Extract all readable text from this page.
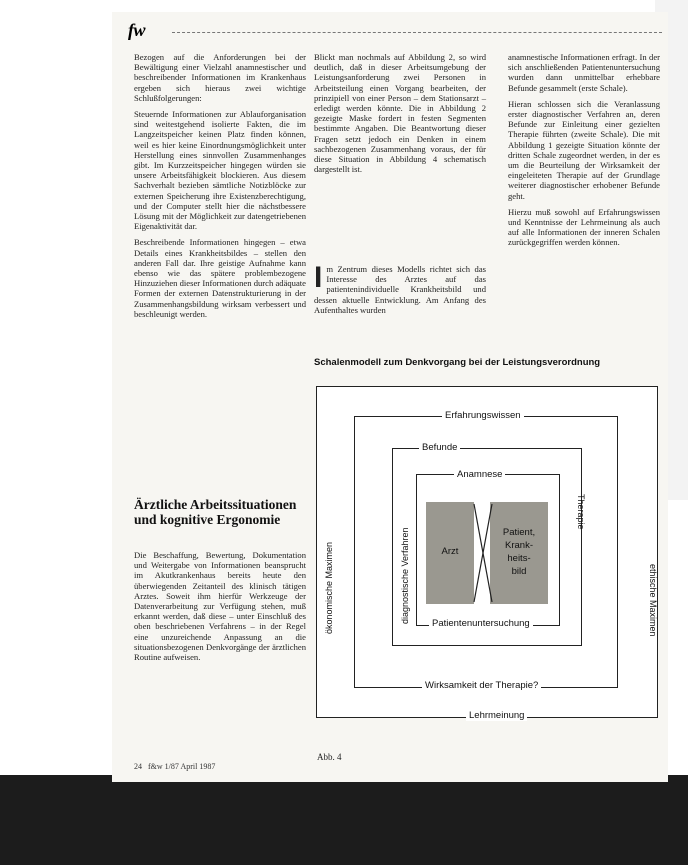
fw

Bezogen auf die Anforderungen bei der Bewältigung einer Vielzahl anamnestischer und beschreibender Informationen im Krankenhaus ergeben sich hieraus zwei wichtige Schlußfolgerungen:

Steuernde Informationen zur Ablauforganisation sind weitestgehend isolierte Fakten, die im Langzeitspeicher keinen Platz finden können, weil es hier keine Einordnungsmöglichkeit unter Herstellung eines sinnvollen Zusammenhanges gibt. Im Kurzzeitspeicher hingegen würden sie unsere Arbeitsfähigkeit blockieren. Aus diesem Sachverhalt bezieben sämtliche Notizblöcke zur externen Speicherung ihre Existenzberechtigung, und der Computer stellt hier die nächstbessere Lösung mit der Möglichkeit zur datengetriebenen Eigenaktivität dar.

Beschreibende Informationen hingegen – etwa Details eines Krankheitsbildes – stellen den anderen Fall dar. Ihre geistige Aufnahme kann ebenso wie das spätere problembezogene Hinzuziehen dieser Informationen durch adäquate Formen der externen Datenstrukturierung in der Zusammenhangsbildung wirksam verbessert und beschleunigt werden.

Ärztliche Arbeitssituationen und kognitive Ergonomie

Die Beschaffung, Bewertung, Dokumentation und Weitergabe von Informationen beansprucht im Akutkrankenhaus bereits heute den überwiegenden Zeitanteil des klinisch tätigen Arztes. Soweit ihm hierfür Werkzeuge der Datenverarbeitung zur Verfügung stehen, muß erkannt werden, daß diese – unter Einschluß des oben beschriebenen Verfahrens – in der Regel eine unzureichende Anpassung an die situationsbezogenen Denkvorgänge der ärztlichen Routine aufweisen.

Blickt man nochmals auf Abbildung 2, so wird deutlich, daß in dieser Arbeitsumgebung der Leistungsanforderung zwei Personen in Arbeitsteilung einen Vorgang bearbeiten, der prinzipiell von einer Person – dem Stationsarzt – erledigt werden könnte. Die in Abbildung 2 gezeigte Maske fordert in festen Segmenten bestimmte Angaben. Die Beantwortung dieser Fragen setzt jedoch ein Denken in einem sachbezogenen Zusammenhang voraus, der für diese Situation in Abbildung 4 schematisch dargestellt ist.

Im Zentrum dieses Modells richtet sich das Interesse des Arztes auf das patientenindividuelle Krankheitsbild und dessen aktuelle Entwicklung. Am Anfang des Aufenthaltes wurden

anamnestische Informationen erfragt. In der sich anschließenden Patientenuntersuchung wurden dann unmittelbar erhebbare Befunde gesammelt (erste Schale).

Hieran schlossen sich die Veranlassung erster diagnostischer Verfahren an, deren Befunde zur Einleitung einer gezielten Therapie führten (zweite Schale). Die mit Abbildung 1 gezeigte Situation könnte der dritten Schale zugeordnet werden, in der es um die Beurteilung der Wirksamkeit der eingeleiteten Therapie auf der Grundlage weiterer diagnostischer erhobener Befunde geht.

Hierzu muß sowohl auf Erfahrungswissen und Kenntnisse der Lehrmeinung als auch auf alle Informationen der inneren Schalen zurückgegriffen werden können.

Schalenmodell zum Denkvorgang bei der Leistungsverordnung
Erfahrungswissen
Befunde
Anamnese
Arzt
Patient,
Krank-
heits-
bild
Patientenuntersuchung
Wirksamkeit der Therapie?
Lehrmeinung
ökonomische Maximen	diagnostische Verfahren
Therapie
ethische Maximen
Abb. 4
24 f&w 1/87 April 1987
